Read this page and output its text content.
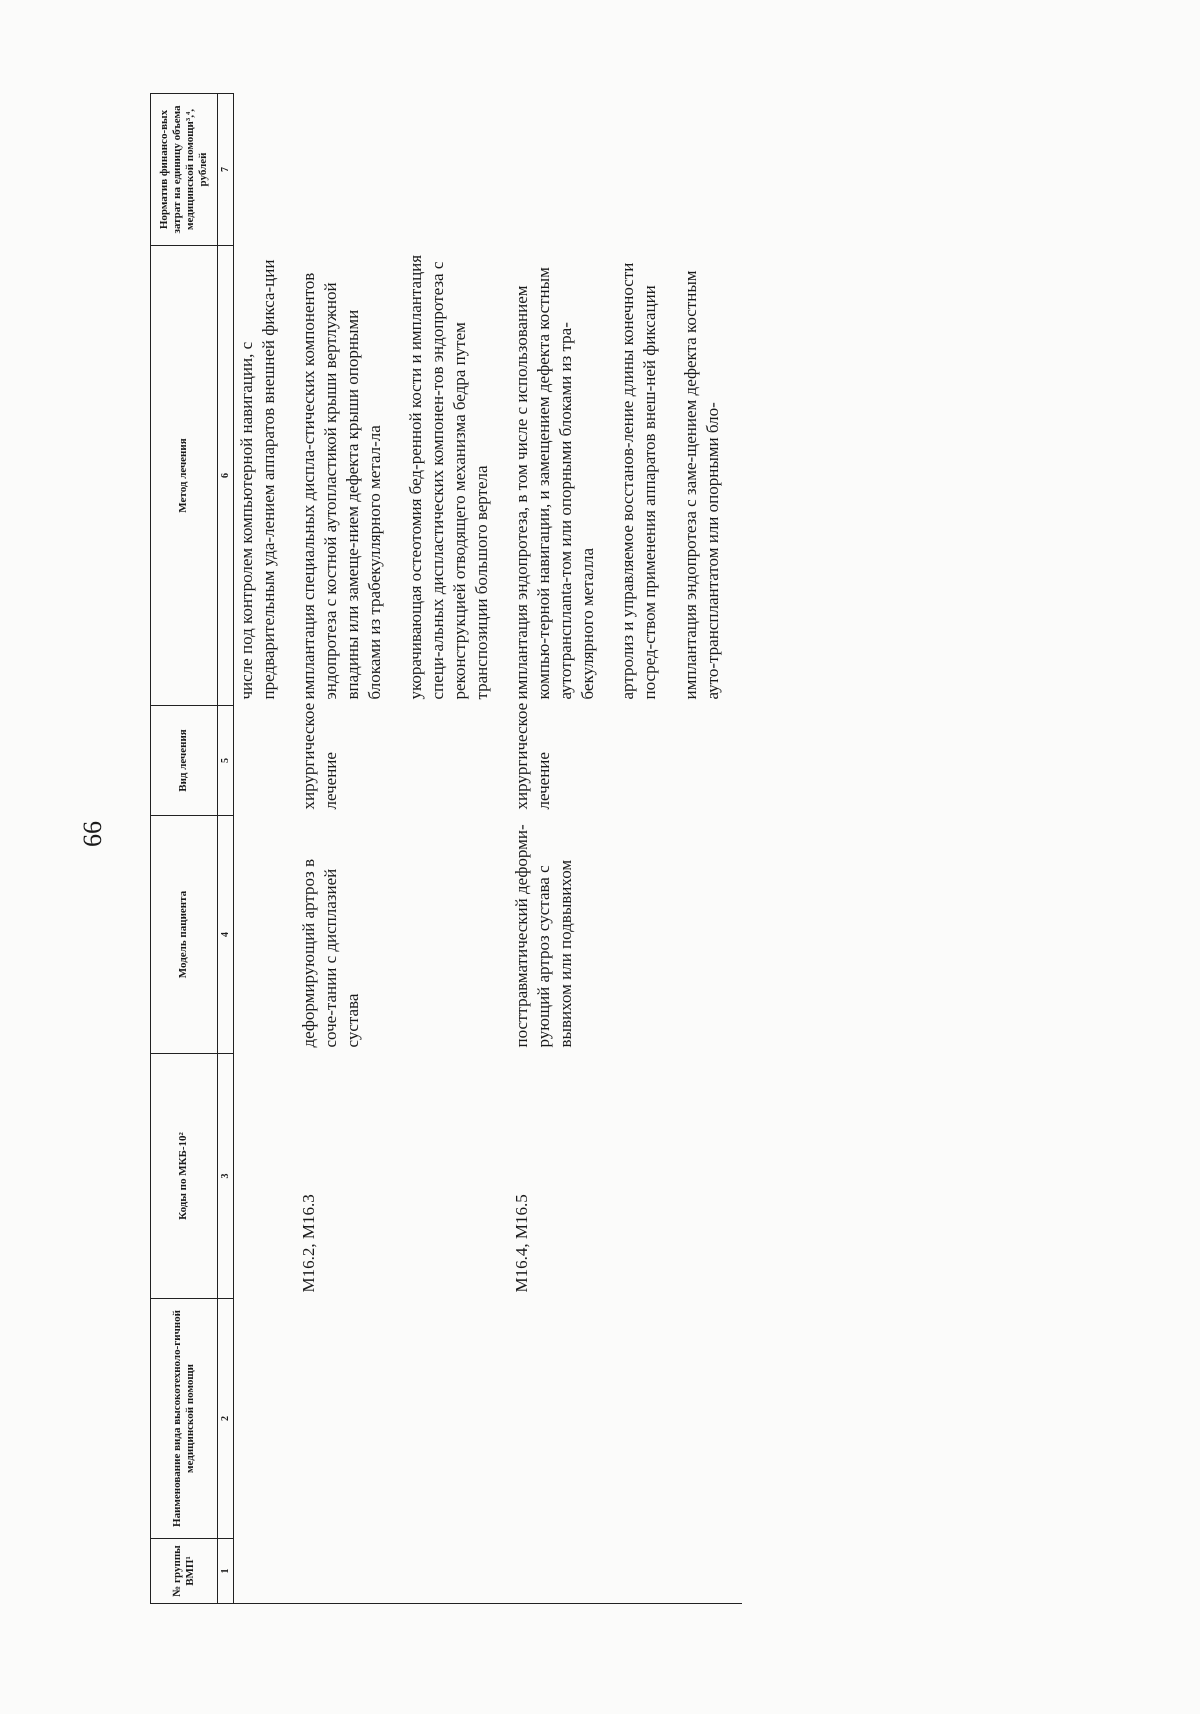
66
№ группы ВМП¹	Наименование вида высокотехноло-гичной медицинской помощи	Коды по МКБ-10²	Модель пациента	Вид лечения	Метод лечения	Норматив финансо-вых затрат на единицу объема медицинской помощи³,⁴, рублей
1	2	3	4	5	6	7

					числе под контролем компьютерной навигации, с предварительным уда-лением аппаратов внешней фикса-ции	

		M16.2, M16.3	деформирующий артроз в соче-тании с дисплазией сустава	хирургическое лечение	имплантация специальных диспла-стических компонентов эндопротеза с костной аутопластикой крыши вертлужной впадины или замеще-нием дефекта крыши опорными блоками из трабекуллярного метал-ла укорачивающая остеотомия бед-ренной кости и имплантация специ-альных диспластических компонен-тов эндопротеза с реконструкцией отводящего механизма бедра путем транспозиции большого вертела	

		M16.4, M16.5	посттравматический деформи-рующий артроз сустава с вывихом или подвывихом	хирургическое лечение	имплантация эндопротеза, в том числе с использованием компью-терной навигации, и замещением дефекта костным аутотрансплanta-том или опорными блоками из тра-бекулярного металла артролиз и управляемое восстанов-ление длины конечности посред-ством применения аппаратов внеш-ней фиксации имплантация эндопротеза с заме-щением дефекта костным ауто-трансплантатом или опорными бло-	
